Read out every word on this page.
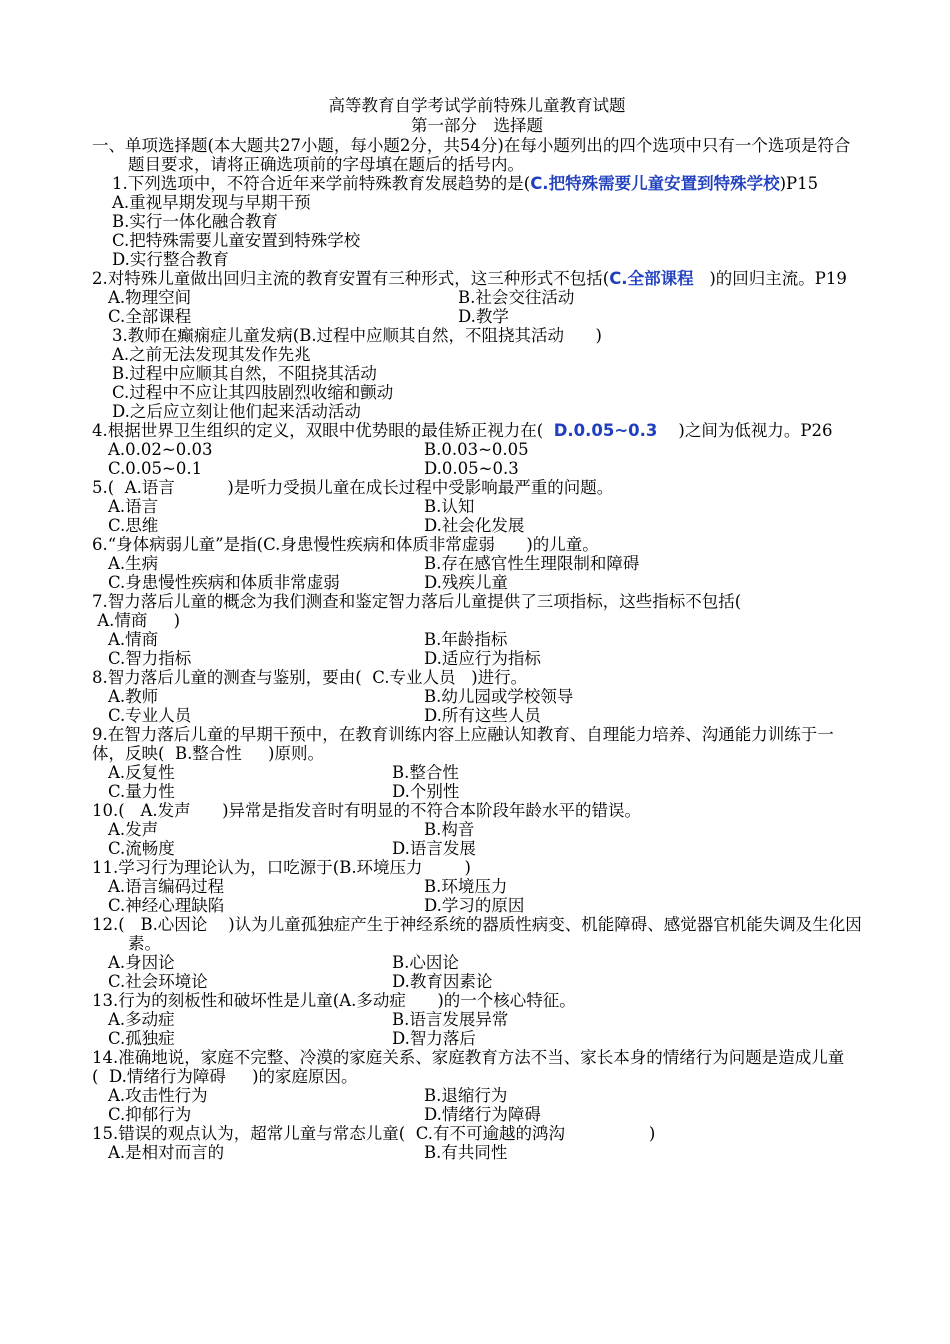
高等教育自学考试学前特殊儿童教育试题
第一部分　选择题
一、单项选择题(本大题共27小题，每小题2分，共54分)在每小题列出的四个选项中只有一个选项是符合题目要求，请将正确选项前的字母填在题后的括号内。
1.下列选项中，不符合近年来学前特殊教育发展趋势的是(C.把特殊需要儿童安置到特殊学校)P15
A.重视早期发现与早期干预
B.实行一体化融合教育
C.把特殊需要儿童安置到特殊学校
D.实行整合教育
2.对特殊儿童做出回归主流的教育安置有三种形式，这三种形式不包括(C.全部课程 )的回归主流。P19
A.物理空间	B.社会交往活动
C.全部课程	D.教学
3.教师在癫痫症儿童发病(B.过程中应顺其自然，不阻挠其活动 )
A.之前无法发现其发作先兆
B.过程中应顺其自然，不阻挠其活动
C.过程中不应让其四肢剧烈收缩和颤动
D.之后应立刻让他们起来活动活动
4.根据世界卫生组织的定义，双眼中优势眼的最佳矫正视力在( D.0.05~0.3 )之间为低视力。P26
A.0.02~0.03	B.0.03~0.05
C.0.05~0.1	D.0.05~0.3
5.( A.语言	)是听力受损儿童在成长过程中受影响最严重的问题。
A.语言	B.认知
C.思维	D.社会化发展
6.“身体病弱儿童”是指(C.身患慢性疾病和体质非常虚弱 )的儿童。
A.生病	B.存在感官性生理限制和障碍
C.身患慢性疾病和体质非常虚弱	D.残疾儿童
7.智力落后儿童的概念为我们测查和鉴定智力落后儿童提供了三项指标，这些指标不包括(
A.情商 )
A.情商	B.年龄指标
C.智力指标	D.适应行为指标
8.智力落后儿童的测查与鉴别，要由( C.专业人员 )进行。
A.教师	B.幼儿园或学校领导
C.专业人员	D.所有这些人员
9.在智力落后儿童的早期干预中，在教育训练内容上应融认知教育、自理能力培养、沟通能力训练于一体，反映( B.整合性 )原则。
A.反复性	B.整合性
C.量力性	D.个别性
10.( A.发声 )异常是指发音时有明显的不符合本阶段年龄水平的错误。
A.发声	B.构音
C.流畅度	D.语言发展
11.学习行为理论认为，口吃源于(B.环境压力	)
A.语言编码过程	B.环境压力
C.神经心理缺陷	D.学习的原因
12.( B.心因论 )认为儿童孤独症产生于神经系统的器质性病变、机能障碍、感觉器官机能失调及生化因素。
A.身因论	B.心因论
C.社会环境论	D.教育因素论
13.行为的刻板性和破坏性是儿童(A.多动症 )的一个核心特征。
A.多动症	B.语言发展异常
C.孤独症	D.智力落后
14.准确地说，家庭不完整、冷漠的家庭关系、家庭教育方法不当、家长本身的情绪行为问题是造成儿童( D.情绪行为障碍 )的家庭原因。
A.攻击性行为	B.退缩行为
C.抑郁行为	D.情绪行为障碍
15.错误的观点认为，超常儿童与常态儿童( C.有不可逾越的鸿沟	)
A.是相对而言的	B.有共同性
